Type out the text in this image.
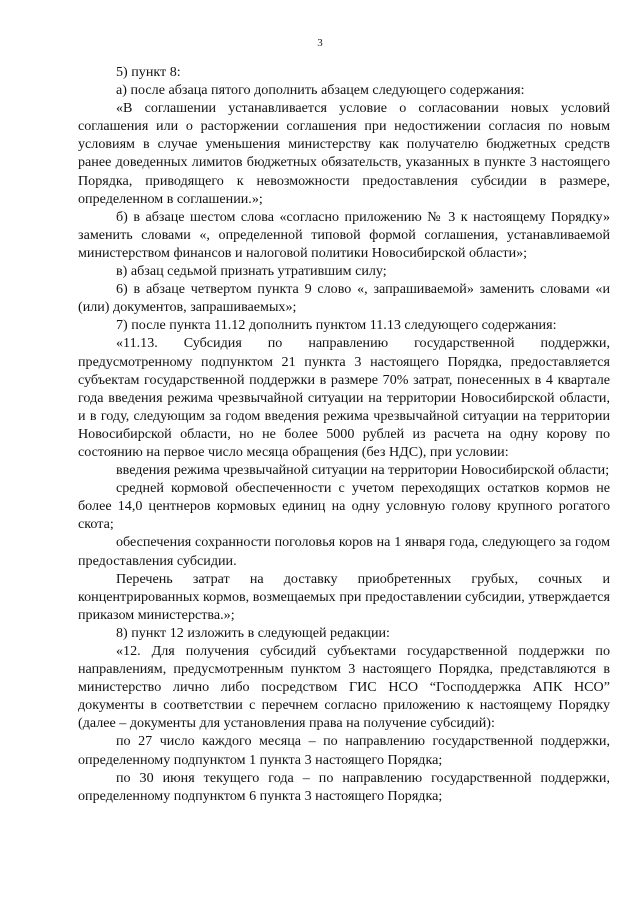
3

5) пункт 8:

а) после абзаца пятого дополнить абзацем следующего содержания:

«В соглашении устанавливается условие о согласовании новых условий соглашения или о расторжении соглашения при недостижении согласия по новым условиям в случае уменьшения министерству как получателю бюджетных средств ранее доведенных лимитов бюджетных обязательств, указанных в пункте 3 настоящего Порядка, приводящего к невозможности предоставления субсидии в размере, определенном в соглашении.»;

б) в абзаце шестом слова «согласно приложению № 3 к настоящему Порядку» заменить словами «, определенной типовой формой соглашения, устанавливаемой министерством финансов и налоговой политики Новосибирской области»;

в) абзац седьмой признать утратившим силу;

6) в абзаце четвертом пункта 9 слово «, запрашиваемой» заменить словами «и (или) документов, запрашиваемых»;

7) после пункта 11.12 дополнить пунктом 11.13 следующего содержания:

«11.13. Субсидия по направлению государственной поддержки, предусмотренному подпунктом 21 пункта 3 настоящего Порядка, предоставляется субъектам государственной поддержки в размере 70% затрат, понесенных в 4 квартале года введения режима чрезвычайной ситуации на территории Новосибирской области, и в году, следующим за годом введения режима чрезвычайной ситуации на территории Новосибирской области, но не более 5000 рублей из расчета на одну корову по состоянию на первое число месяца обращения (без НДС), при условии:

введения режима чрезвычайной ситуации на территории Новосибирской области;

средней кормовой обеспеченности с учетом переходящих остатков кормов не более 14,0 центнеров кормовых единиц на одну условную голову крупного рогатого скота;

обеспечения сохранности поголовья коров на 1 января года, следующего за годом предоставления субсидии.

Перечень затрат на доставку приобретенных грубых, сочных и концентрированных кормов, возмещаемых при предоставлении субсидии, утверждается приказом министерства.»;

8) пункт 12 изложить в следующей редакции:

«12. Для получения субсидий субъектами государственной поддержки по направлениям, предусмотренным пунктом 3 настоящего Порядка, представляются в министерство лично либо посредством ГИС НСО “Господдержка АПК НСО” документы в соответствии с перечнем согласно приложению к настоящему Порядку (далее – документы для установления права на получение субсидий):

по 27 число каждого месяца – по направлению государственной поддержки, определенному подпунктом 1 пункта 3 настоящего Порядка;

по 30 июня текущего года – по направлению государственной поддержки, определенному подпунктом 6 пункта 3 настоящего Порядка;
